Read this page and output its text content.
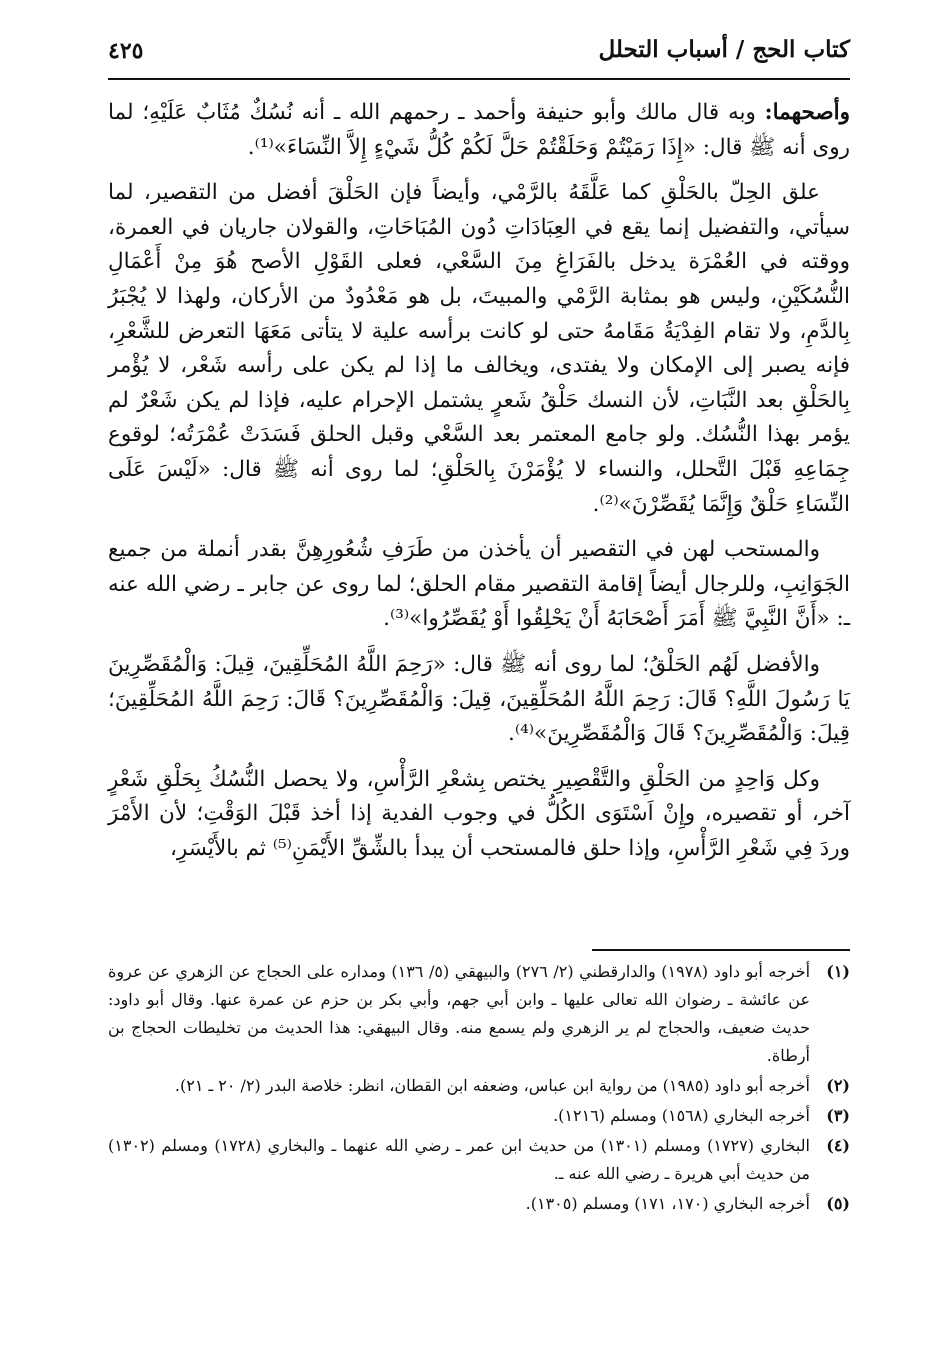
كتاب الحج / أسباب التحلل
٤٢٥

وأصحهما: وبه قال مالك وأبو حنيفة وأحمد ـ رحمهم الله ـ أنه نُسُكٌ مُثَابٌ عَلَيْهِ؛ لما روى أنه ﷺ قال: «إِذَا رَمَيْتُمْ وَحَلَقْتُمْ حَلَّ لَكُمْ كُلُّ شَيْءٍ إِلاَّ النِّسَاءَ»⁽¹⁾.

علق الحِلّ بالحَلْقِ كما عَلَّقَهُ بالرَّمْي، وأيضاً فإن الحَلْقَ أفضل من التقصير، لما سيأتي، والتفضيل إنما يقع في العِبَادَاتِ دُون المُبَاحَاتِ، والقولان جاريان في العمرة، ووقته في العُمْرَة يدخل بالفَرَاغِ مِنَ السَّعْي، فعلى القَوْلِ الأصح هُوَ مِنْ أَعْمَالِ النُّسُكَيْنِ، وليس هو بمثابة الرَّمْي والمبيتَ، بل هو مَعْدُودٌ من الأركان، ولهذا لا يُجْبَرُ بِالدَّمِ، ولا تقام الفِدْيَةُ مَقَامهُ حتى لو كانت برأسه علية لا يتأتى مَعَهَا التعرض للشَّعْرِ، فإنه يصبر إلى الإمكان ولا يفتدى، ويخالف ما إذا لم يكن على رأسه شَعْر، لا يُؤْمر بِالحَلْقِ بعد النَّبَاتِ، لأن النسك حَلْقُ شَعرٍ يشتمل الإحرام عليه، فإذا لم يكن شَعْرٌ لم يؤمر بهذا النُّسُك. ولو جامع المعتمر بعد السَّعْي وقبل الحلق فَسَدَتْ عُمْرَتُه؛ لوقوع جِمَاعِهِ قَبْلَ التَّحلل، والنساء لا يُؤْمَرْنَ بِالحَلْقِ؛ لما روى أنه ﷺ قال: «لَيْسَ عَلَى النِّسَاءِ حَلْقٌ وَإِنَّمَا يُقَصِّرْنَ»⁽²⁾.

والمستحب لهن في التقصير أن يأخذن من طَرَفِ شُعُورِهِنَّ بقدر أنملة من جميع الجَوَانِبِ، وللرجال أيضاً إقامة التقصير مقام الحلق؛ لما روى عن جابر ـ رضي الله عنه ـ: «أَنَّ النَّبِيَّ ﷺ أَمَرَ أَصْحَابَهُ أَنْ يَحْلِقُوا أَوْ يُقَصِّرُوا»⁽³⁾.

والأفضل لَهُم الحَلْقُ؛ لما روى أنه ﷺ قال: «رَحِمَ اللَّهُ المُحَلِّقِينَ، قِيلَ: وَالْمُقَصِّرِينَ يَا رَسُولَ اللَّهِ؟ قَالَ: رَحِمَ اللَّهُ المُحَلِّقِينَ، قِيلَ: وَالْمُقَصِّرِينَ؟ قَالَ: رَحِمَ اللَّهُ المُحَلِّقِينَ؛ قِيلَ: وَالْمُقَصِّرِينَ؟ قَالَ وَالْمُقَصِّرِينَ»⁽⁴⁾.

وكل وَاحِدٍ من الحَلْقِ والتَّقْصِيرِ يختص بِشعْرِ الرَّأْسِ، ولا يحصل النُّسُكُ بِحَلْقِ شَعْرٍ آخر، أو تقصيره، وإِنْ اَسْتَوَى الكُلُّ في وجوب الفدية إذا أخذ قَبْلَ الوَقْتِ؛ لأن الأَمْرَ وردَ فِي شَعْرِ الرَّأْسِ، وإذا حلق فالمستحب أن يبدأ بالشِّقِّ الأَيْمَنِ⁽⁵⁾ ثم بالأَيْسَرِ،

(١)
أخرجه أبو داود (١٩٧٨) والدارقطني (٢/ ٢٧٦) والبيهقي (٥/ ١٣٦) ومداره على الحجاج عن الزهري عن عروة عن عائشة ـ رضوان الله تعالى عليها ـ وابن أبي جهم، وأبي بكر بن حزم عن عمرة عنها. وقال أبو داود: حديث ضعيف، والحجاج لم ير الزهري ولم يسمع منه. وقال البيهقي: هذا الحديث من تخليطات الحجاج بن أرطاة.
(٢)
أخرجه أبو داود (١٩٨٥) من رواية ابن عباس، وضعفه ابن القطان، انظر: خلاصة البدر (٢/ ٢٠ ـ ٢١).
(٣)
أخرجه البخاري (١٥٦٨) ومسلم (١٢١٦).
(٤)
البخاري (١٧٢٧) ومسلم (١٣٠١) من حديث ابن عمر ـ رضي الله عنهما ـ والبخاري (١٧٢٨) ومسلم (١٣٠٢) من حديث أبي هريرة ـ رضي الله عنه ـ.
(٥)
أخرجه البخاري (١٧٠، ١٧١) ومسلم (١٣٠٥).
